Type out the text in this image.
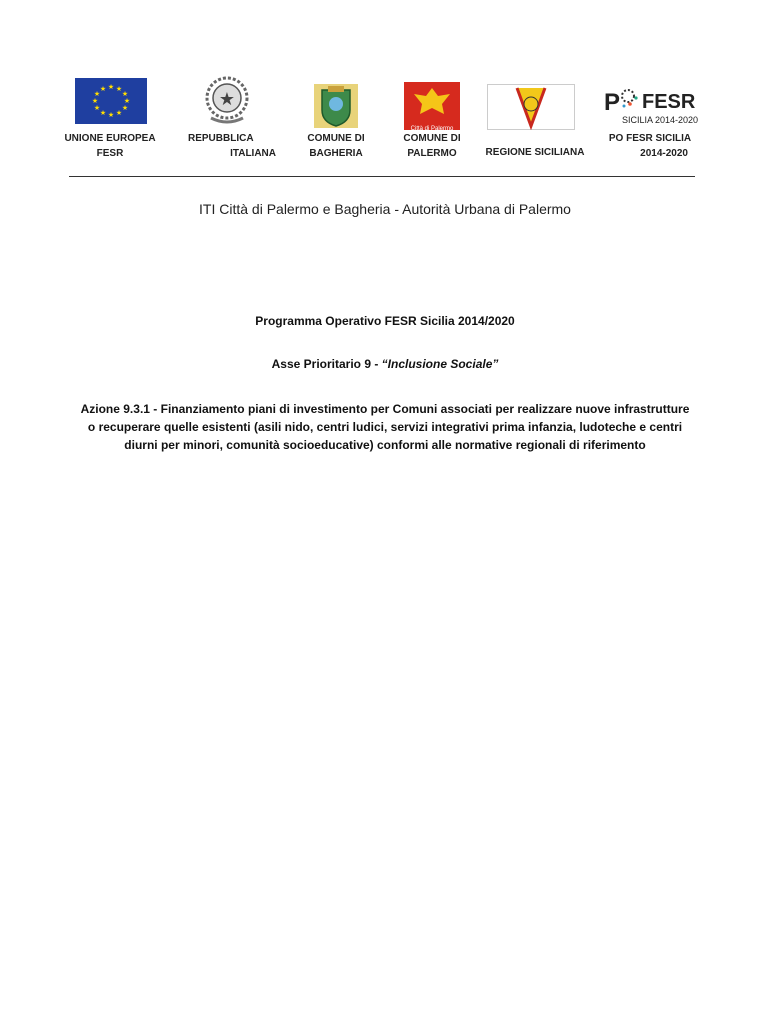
★ ★
★
★
★
★
★
★
★
★
★
★
UNIONE EUROPEA
FESR
★
REPUBBLICA
ITALIANA
COMUNE DI
BAGHERIA
Città di Palermo
COMUNE DI
PALERMO	REGIONE SICILIANA
P FESR
SICILIA 2014-2020
PO FESR SICILIA
2014-2020
ITI Città di Palermo e Bagheria - Autorità Urbana di Palermo
Programma Operativo FESR Sicilia 2014/2020
Asse Prioritario 9 - “Inclusione Sociale”
Azione 9.3.1 - Finanziamento piani di investimento per Comuni associati per realizzare nuove infrastrutture o recuperare quelle esistenti (asili nido, centri ludici, servizi integrativi prima infanzia, ludoteche e centri diurni per minori, comunità socioeducative) conformi alle normative regionali di riferimento
